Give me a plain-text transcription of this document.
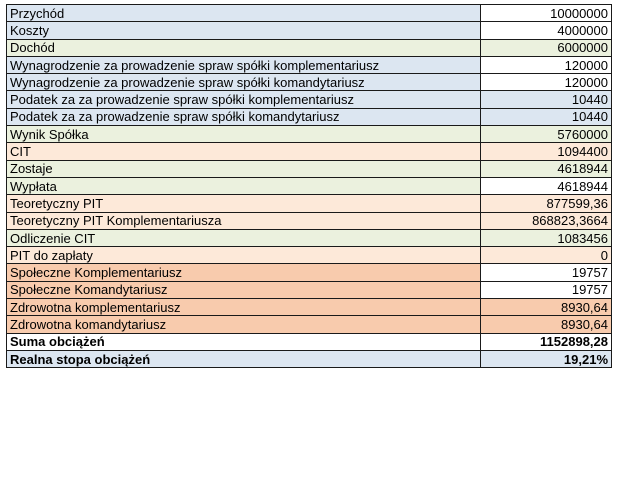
Przychód	10000000
Koszty	4000000
Dochód	6000000
Wynagrodzenie za prowadzenie spraw spółki komplementariusz	120000
Wynagrodzenie za prowadzenie spraw spółki komandytariusz	120000
Podatek za za prowadzenie spraw spółki komplementariusz	10440
Podatek za za prowadzenie spraw spółki komandytariusz	10440
Wynik Spółka	5760000
CIT	1094400
Zostaje	4618944
Wypłata	4618944
Teoretyczny PIT	877599,36
Teoretyczny PIT Komplementariusza	868823,3664
Odliczenie CIT	1083456
PIT do zapłaty	0
Społeczne Komplementariusz	19757
Społeczne Komandytariusz	19757
Zdrowotna komplementariusz	8930,64
Zdrowotna komandytariusz	8930,64
Suma obciążeń	1152898,28
Realna stopa obciążeń	19,21%
